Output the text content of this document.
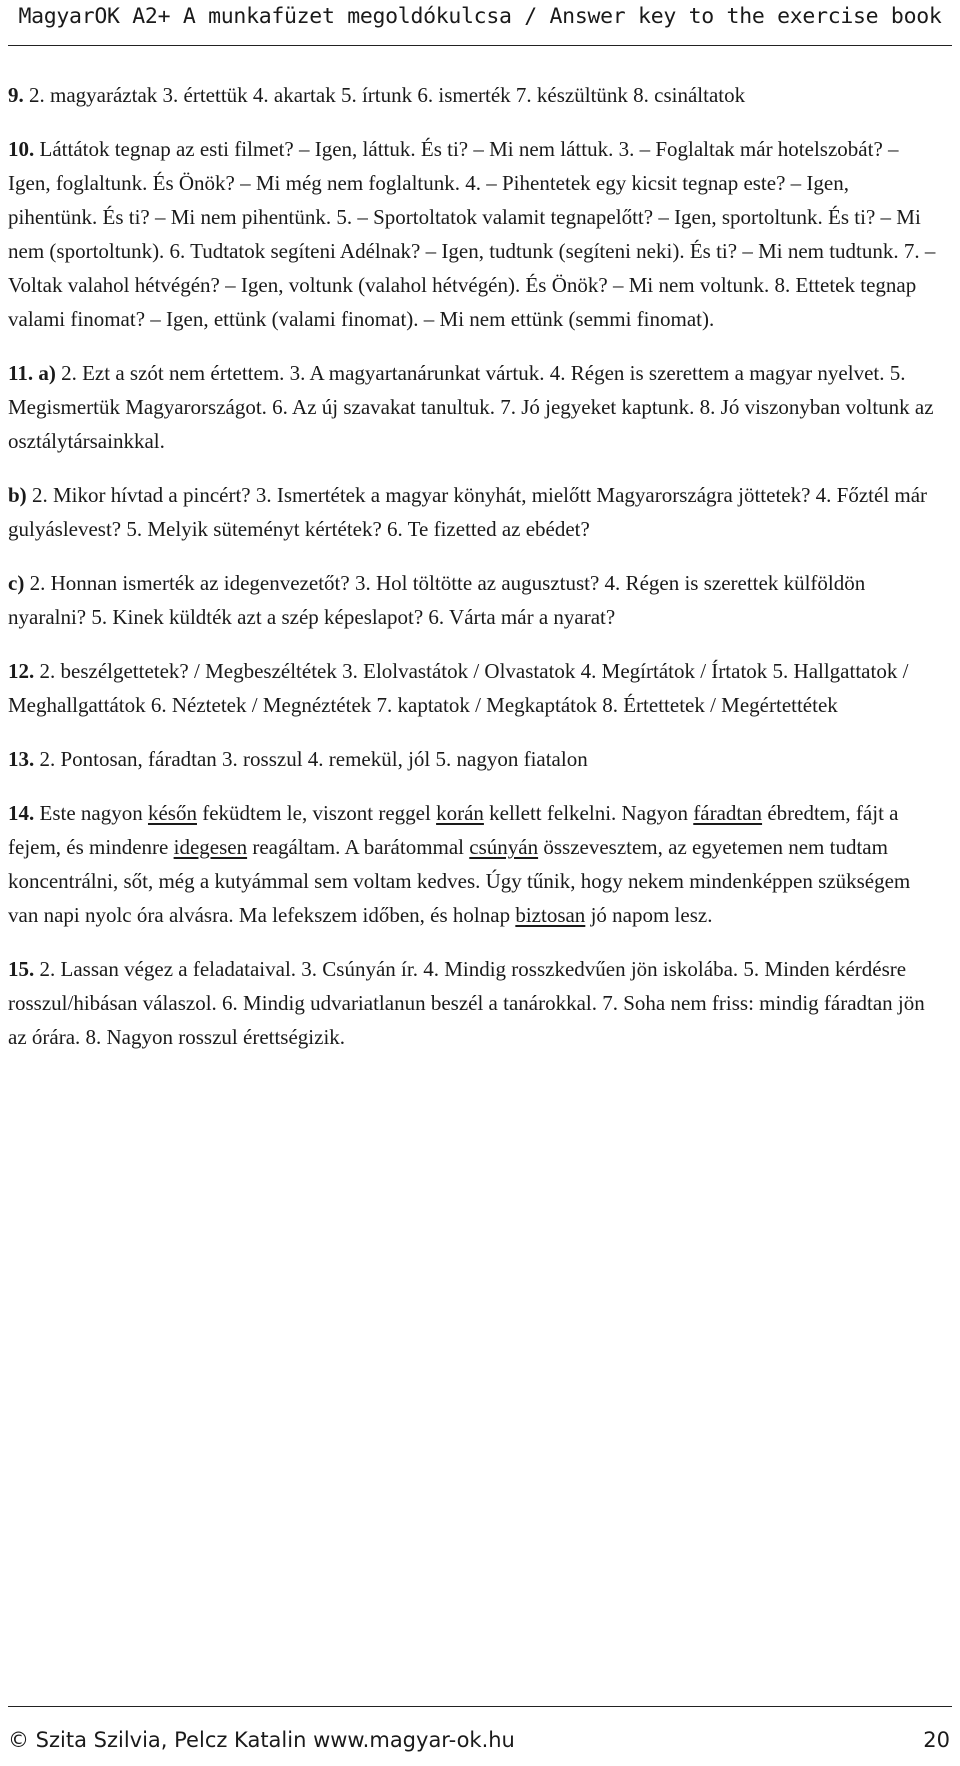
MagyarOK A2+ A munkafüzet megoldókulcsa / Answer key to the exercise book

9. 2. magyaráztak 3. értettük 4. akartak 5. írtunk 6. ismerték 7. készültünk 8. csináltatok

10. Láttátok tegnap az esti filmet? – Igen, láttuk. És ti? – Mi nem láttuk. 3. – Foglaltak már hotelszobát? – Igen, foglaltunk. És Önök? – Mi még nem foglaltunk. 4. – Pihentetek egy kicsit tegnap este? – Igen, pihentünk. És ti? – Mi nem pihentünk. 5. – Sportoltatok valamit tegnapelőtt? – Igen, sportoltunk. És ti? – Mi nem (sportoltunk). 6. Tudtatok segíteni Adélnak? – Igen, tudtunk (segíteni neki). És ti? – Mi nem tudtunk. 7. – Voltak valahol hétvégén? – Igen, voltunk (valahol hétvégén). És Önök? – Mi nem voltunk. 8. Ettetek tegnap valami finomat? – Igen, ettünk (valami finomat). – Mi nem ettünk (semmi finomat).

11. a) 2. Ezt a szót nem értettem. 3. A magyartanárunkat vártuk. 4. Régen is szerettem a magyar nyelvet. 5. Megismertük Magyarországot. 6. Az új szavakat tanultuk. 7. Jó jegyeket kaptunk. 8. Jó viszonyban voltunk az osztálytársainkkal.

b) 2. Mikor hívtad a pincért? 3. Ismertétek a magyar könyhát, mielőtt Magyarországra jöttetek? 4. Főztél már gulyáslevest? 5. Melyik süteményt kértétek? 6. Te fizetted az ebédet?

c) 2. Honnan ismerték az idegenvezetőt? 3. Hol töltötte az augusztust? 4. Régen is szerettek külföldön nyaralni? 5. Kinek küldték azt a szép képeslapot? 6. Várta már a nyarat?

12. 2. beszélgettetek? / Megbeszéltétek 3. Elolvastátok / Olvastatok 4. Megírtátok / Írtatok 5. Hallgattatok / Meghallgattátok 6. Néztetek / Megnéztétek 7. kaptatok / Megkaptátok 8. Értettetek / Megértettétek

13. 2. Pontosan, fáradtan 3. rosszul 4. remekül, jól 5. nagyon fiatalon

14. Este nagyon későn feküdtem le, viszont reggel korán kellett felkelni. Nagyon fáradtan ébredtem, fájt a fejem, és mindenre idegesen reagáltam. A barátommal csúnyán összevesztem, az egyetemen nem tudtam koncentrálni, sőt, még a kutyámmal sem voltam kedves. Úgy tűnik, hogy nekem mindenképpen szükségem van napi nyolc óra alvásra. Ma lefekszem időben, és holnap biztosan jó napom lesz.

15. 2. Lassan végez a feladataival. 3. Csúnyán ír. 4. Mindig rosszkedvűen jön iskolába. 5. Minden kérdésre rosszul/hibásan válaszol. 6. Mindig udvariatlanun beszél a tanárokkal. 7. Soha nem friss: mindig fáradtan jön az órára. 8. Nagyon rosszul érettségizik.

© Szita Szilvia, Pelcz Katalin www.magyar-ok.hu	20
